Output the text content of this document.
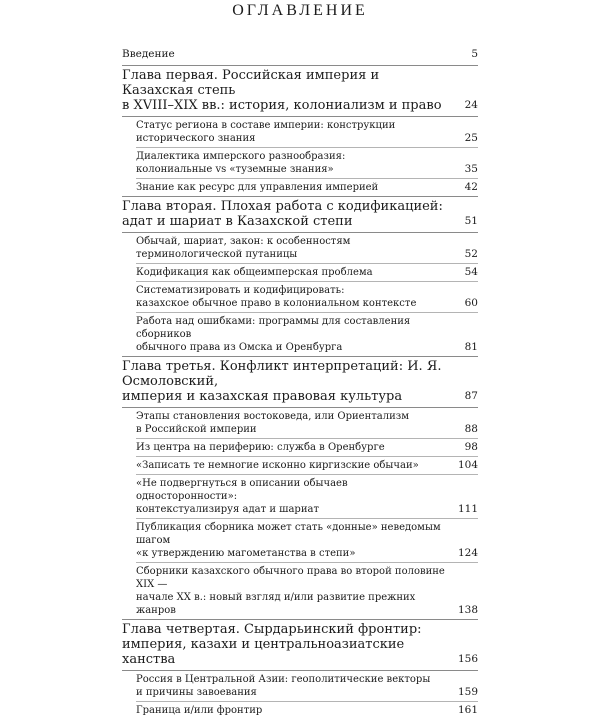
ОГЛАВЛЕНИЕ
Введение	5
Глава первая. Российская империя и Казахская степь
в XVIII–XIX вв.: история, колониализм и право	24
Статус региона в составе империи: конструкции
исторического знания	25
Диалектика имперского разнообразия:
колониальные vs «туземные знания»	35
Знание как ресурс для управления империей	42
Глава вторая. Плохая работа с кодификацией:
адат и шариат в Казахской степи	51
Обычай, шариат, закон: к особенностям
терминологической путаницы	52
Кодификация как общеимперская проблема	54
Систематизировать и кодифицировать:
казахское обычное право в колониальном контексте	60
Работа над ошибками: программы для составления сборников
обычного права из Омска и Оренбурга	81
Глава третья. Конфликт интерпретаций: И. Я. Осмоловский,
империя и казахская правовая культура	87
Этапы становления востоковеда, или Ориентализм
в Российской империи	88
Из центра на периферию: служба в Оренбурге	98
«Записать те немногие исконно киргизские обычаи»	104
«Не подвергнуться в описании обычаев односторонности»:
контекстуализируя адат и шариат	111
Публикация сборника может стать «донные» неведомым шагом
«к утверждению магометанства в степи»	124
Сборники казахского обычного права во второй половине XIX —
начале XX в.: новый взгляд и/или развитие прежних жанров	138
Глава четвертая. Сырдарьинский фронтир:
империя, казахи и центральноазиатские ханства	156
Россия в Центральной Азии: геополитические векторы
и причины завоевания	159
Граница и/или фронтир	161
